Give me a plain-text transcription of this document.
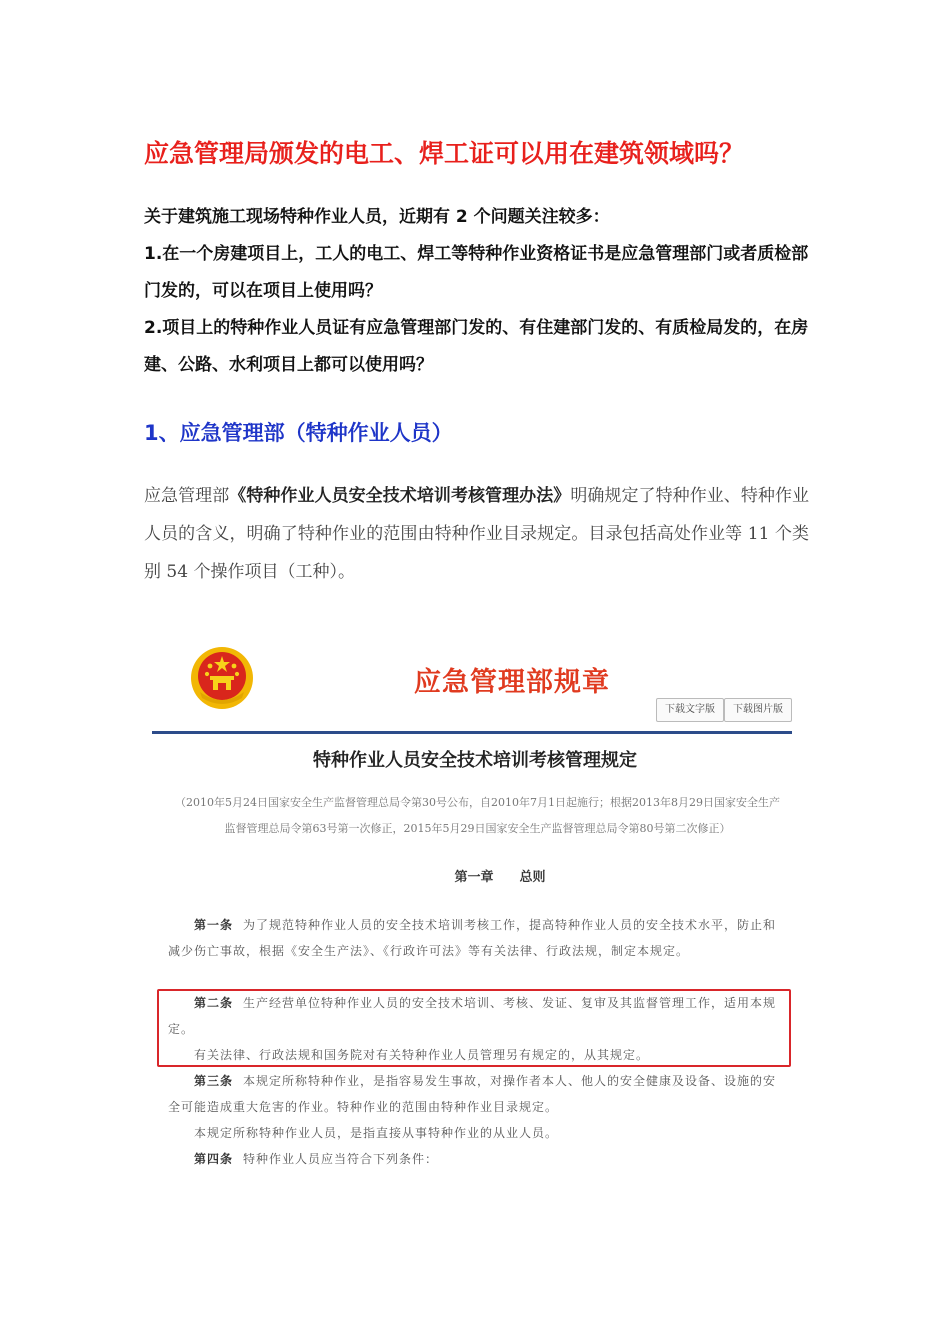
应急管理局颁发的电工、焊工证可以用在建筑领域吗？

关于建筑施工现场特种作业人员，近期有 2 个问题关注较多：

1.在一个房建项目上，工人的电工、焊工等特种作业资格证书是应急管理部门或者质检部门发的，可以在项目上使用吗？

2.项目上的特种作业人员证有应急管理部门发的、有住建部门发的、有质检局发的，在房建、公路、水利项目上都可以使用吗？

1、应急管理部（特种作业人员）
应急管理部《特种作业人员安全技术培训考核管理办法》明确规定了特种作业、特种作业人员的含义，明确了特种作业的范围由特种作业目录规定。目录包括高处作业等 11 个类别 54 个操作项目（工种）。
应急管理部规章
下载文字版	下载图片版
特种作业人员安全技术培训考核管理规定
（2010年5月24日国家安全生产监督管理总局令第30号公布，自2010年7月1日起施行；根据2013年8月29日国家安全生产监督管理总局令第63号第一次修正，2015年5月29日国家安全生产监督管理总局令第80号第二次修正）
第一章　　总则
第一条 为了规范特种作业人员的安全技术培训考核工作，提高特种作业人员的安全技术水平，防止和减少伤亡事故，根据《安全生产法》、《行政许可法》等有关法律、行政法规，制定本规定。
第二条 生产经营单位特种作业人员的安全技术培训、考核、发证、复审及其监督管理工作，适用本规定。
有关法律、行政法规和国务院对有关特种作业人员管理另有规定的，从其规定。
第三条 本规定所称特种作业，是指容易发生事故，对操作者本人、他人的安全健康及设备、设施的安全可能造成重大危害的作业。特种作业的范围由特种作业目录规定。
本规定所称特种作业人员，是指直接从事特种作业的从业人员。
第四条 特种作业人员应当符合下列条件：
